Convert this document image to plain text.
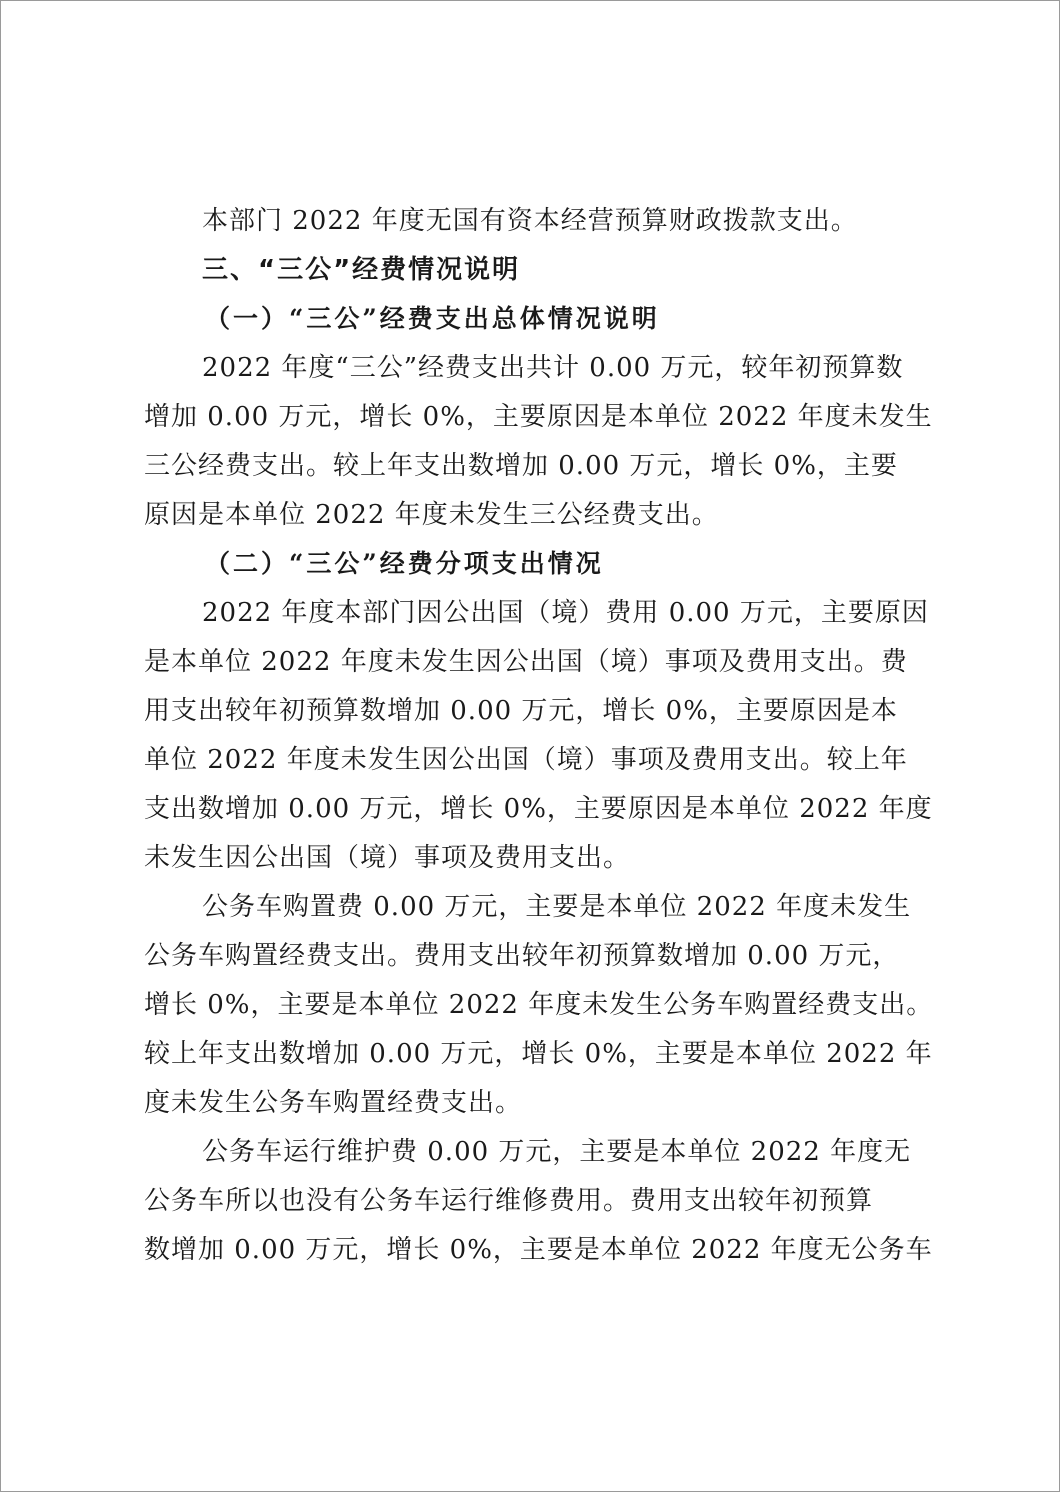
本部门 2022 年度无国有资本经营预算财政拨款支出。
三、“三公”经费情况说明
（一）“三公”经费支出总体情况说明
2022 年度“三公”经费支出共计 0.00 万元，较年初预算数
增加 0.00 万元，增长 0%，主要原因是本单位 2022 年度未发生
三公经费支出。较上年支出数增加 0.00 万元，增长 0%，主要
原因是本单位 2022 年度未发生三公经费支出。
（二）“三公”经费分项支出情况
2022 年度本部门因公出国（境）费用 0.00 万元，主要原因
是本单位 2022 年度未发生因公出国（境）事项及费用支出。费
用支出较年初预算数增加 0.00 万元，增长 0%，主要原因是本
单位 2022 年度未发生因公出国（境）事项及费用支出。较上年
支出数增加 0.00 万元，增长 0%，主要原因是本单位 2022 年度
未发生因公出国（境）事项及费用支出。
公务车购置费 0.00 万元，主要是本单位 2022 年度未发生
公务车购置经费支出。费用支出较年初预算数增加 0.00 万元，
增长 0%，主要是本单位 2022 年度未发生公务车购置经费支出。
较上年支出数增加 0.00 万元，增长 0%，主要是本单位 2022 年
度未发生公务车购置经费支出。
公务车运行维护费 0.00 万元，主要是本单位 2022 年度无
公务车所以也没有公务车运行维修费用。费用支出较年初预算
数增加 0.00 万元，增长 0%，主要是本单位 2022 年度无公务车
